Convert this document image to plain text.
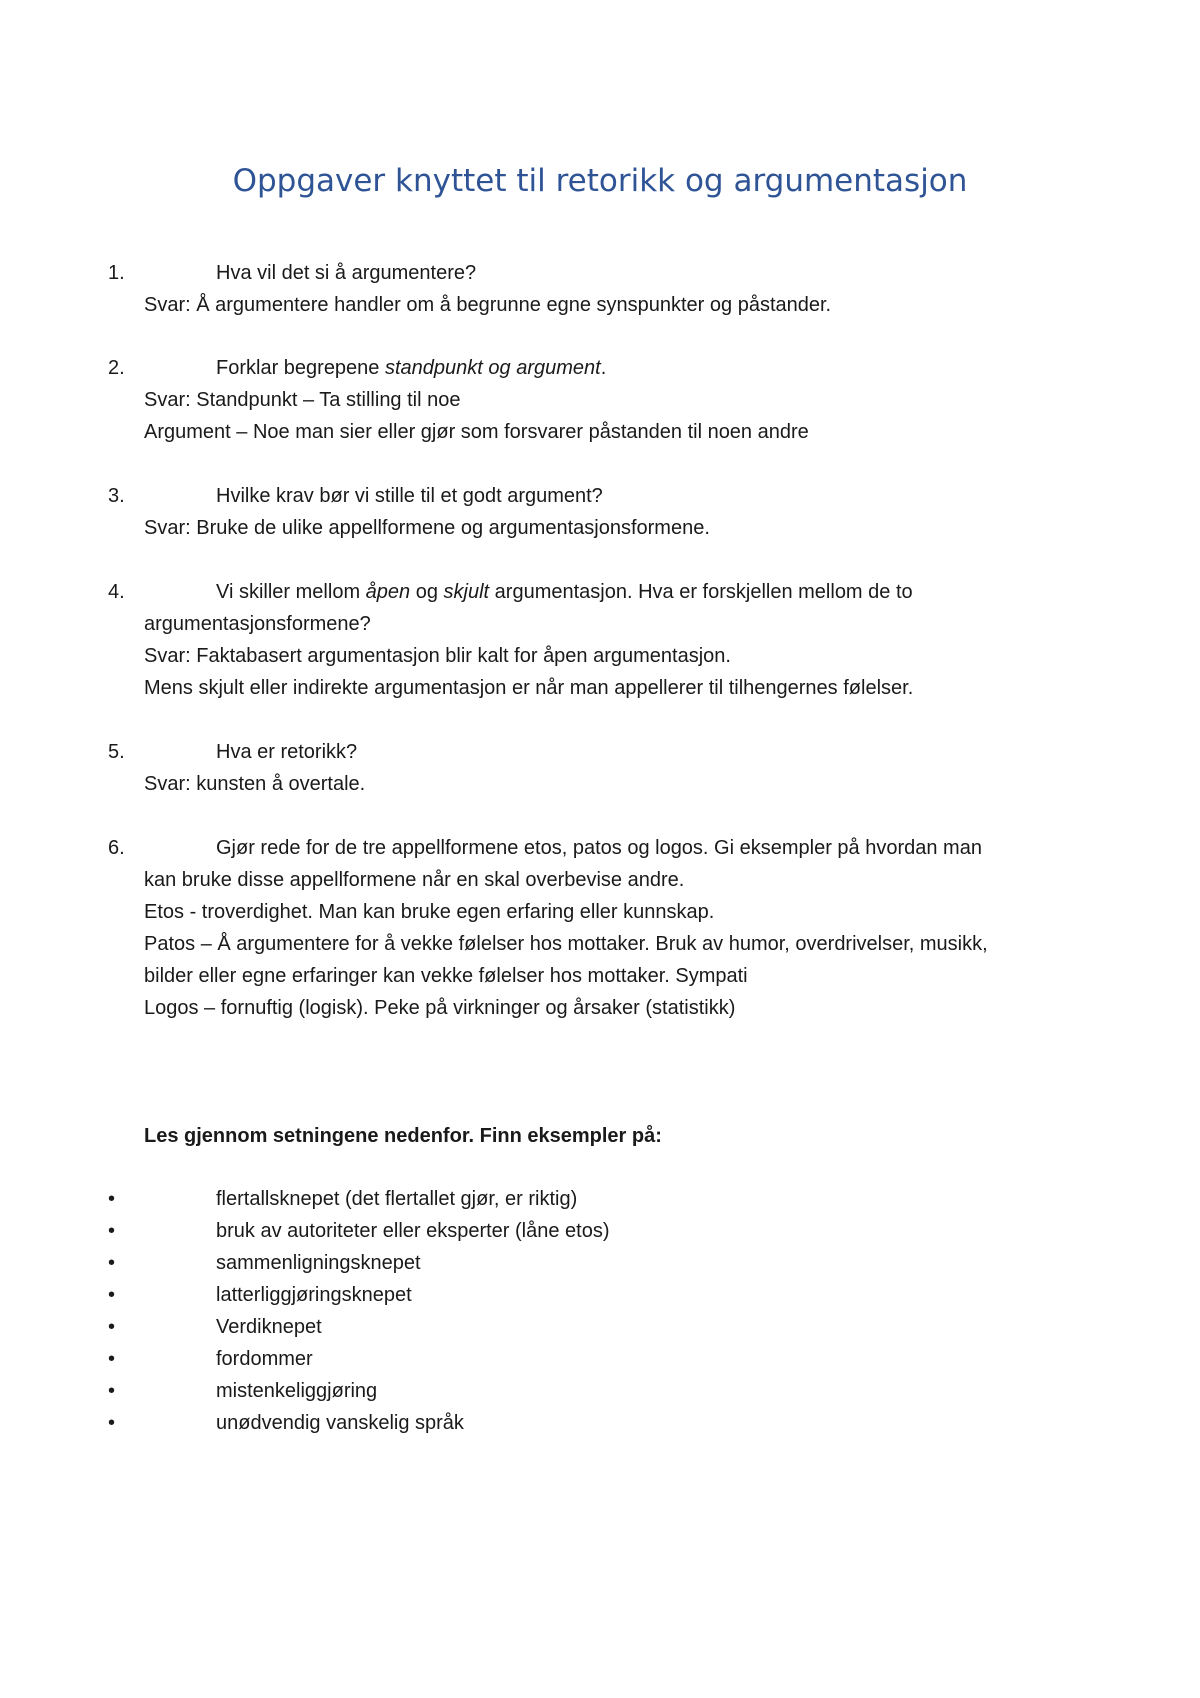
Oppgaver knyttet til retorikk og argumentasjon
1.	Hva vil det si å argumentere?
Svar: Å argumentere handler om å begrunne egne synspunkter og påstander.
2.	Forklar begrepene standpunkt og argument.
Svar: Standpunkt – Ta stilling til noe
Argument – Noe man sier eller gjør som forsvarer påstanden til noen andre
3.	Hvilke krav bør vi stille til et godt argument?
Svar: Bruke de ulike appellformene og argumentasjonsformene.
4.	Vi skiller mellom åpen og skjult argumentasjon. Hva er forskjellen mellom de to
argumentasjonsformene?
Svar: Faktabasert argumentasjon blir kalt for åpen argumentasjon.
Mens skjult eller indirekte argumentasjon er når man appellerer til tilhengernes følelser.
5.	Hva er retorikk?
Svar: kunsten å overtale.
6.	Gjør rede for de tre appellformene etos, patos og logos. Gi eksempler på hvordan man
kan bruke disse appellformene når en skal overbevise andre.
Etos - troverdighet. Man kan bruke egen erfaring eller kunnskap.
Patos – Å argumentere for å vekke følelser hos mottaker. Bruk av humor, overdrivelser, musikk,
bilder eller egne erfaringer kan vekke følelser hos mottaker. Sympati
Logos – fornuftig (logisk). Peke på virkninger og årsaker (statistikk)
Les gjennom setningene nedenfor. Finn eksempler på:
•	flertallsknepet (det flertallet gjør, er riktig)
•	bruk av autoriteter eller eksperter (låne etos)
•	sammenligningsknepet
•	latterliggjøringsknepet
•	Verdiknepet
•	fordommer
•	mistenkeliggjøring
•	unødvendig vanskelig språk
